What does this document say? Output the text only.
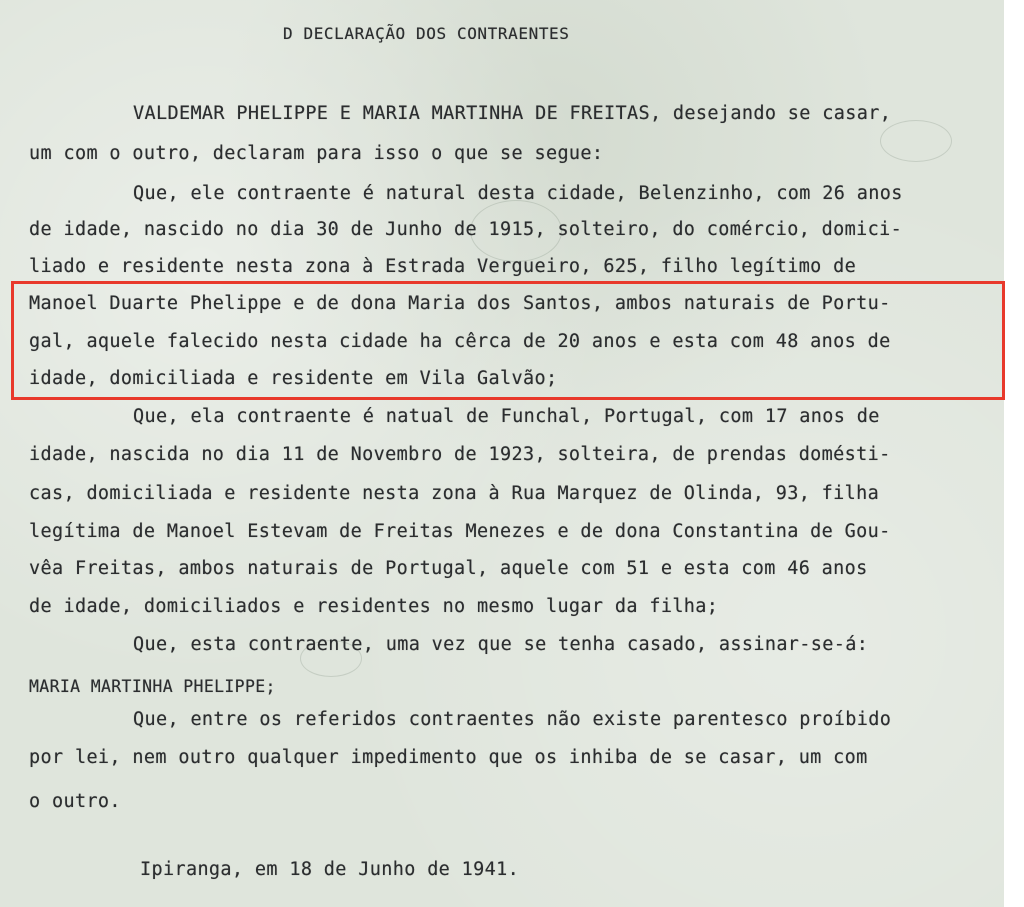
D DECLARAÇÃO DOS CONTRAENTES
VALDEMAR PHELIPPE E MARIA MARTINHA DE FREITAS, desejando se casar,
um com o outro, declaram para isso o que se segue:
Que, ele contraente é natural desta cidade, Belenzinho, com 26 anos
de idade, nascido no dia 30 de Junho de 1915, solteiro, do comércio, domici-
liado e residente nesta zona à Estrada Vergueiro, 625, filho legítimo de
Manoel Duarte Phelippe e de dona Maria dos Santos, ambos naturais de Portu-
gal, aquele falecido nesta cidade ha cêrca de 20 anos e esta com 48 anos de
idade, domiciliada e residente em Vila Galvão;
Que, ela contraente é natual de Funchal, Portugal, com 17 anos de
idade, nascida no dia 11 de Novembro de 1923, solteira, de prendas domésti-
cas, domiciliada e residente nesta zona à Rua Marquez de Olinda, 93, filha
legítima de Manoel Estevam de Freitas Menezes e de dona Constantina de Gou-
vêa Freitas, ambos naturais de Portugal, aquele com 51 e esta com 46 anos
de idade, domiciliados e residentes no mesmo lugar da filha;
Que, esta contraente, uma vez que se tenha casado, assinar-se-á:
MARIA MARTINHA PHELIPPE;
Que, entre os referidos contraentes não existe parentesco proíbido
por lei, nem outro qualquer impedimento que os inhiba de se casar, um com
o outro.
Ipiranga, em 18 de Junho de 1941.
